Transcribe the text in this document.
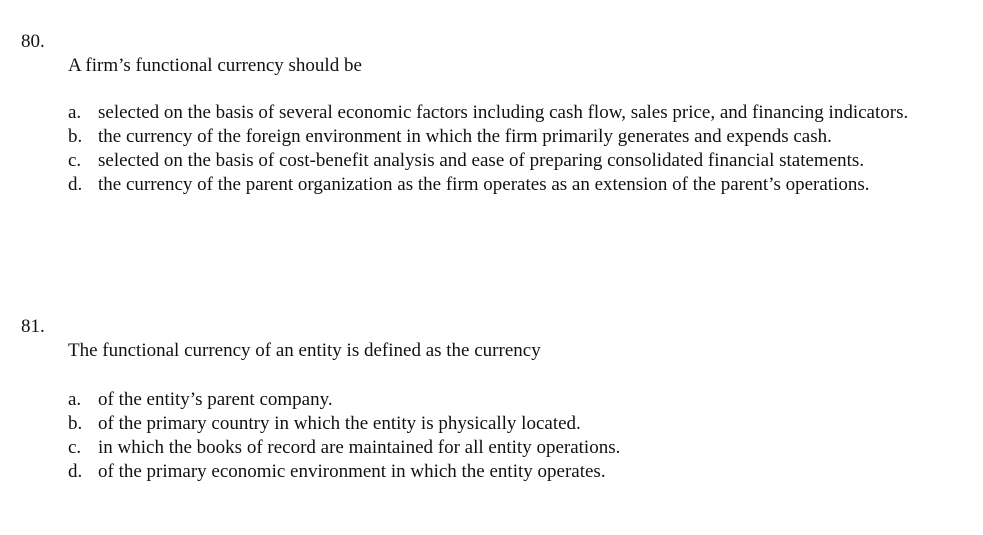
80.
A firm’s functional currency should be
a. selected on the basis of several economic factors including cash flow, sales price, and financing indicators.
b. the currency of the foreign environment in which the firm primarily generates and expends cash.
c. selected on the basis of cost-benefit analysis and ease of preparing consolidated financial statements.
d. the currency of the parent organization as the firm operates as an extension of the parent’s operations.
81.
The functional currency of an entity is defined as the currency
a. of the entity’s parent company.
b. of the primary country in which the entity is physically located.
c. in which the books of record are maintained for all entity operations.
d. of the primary economic environment in which the entity operates.
